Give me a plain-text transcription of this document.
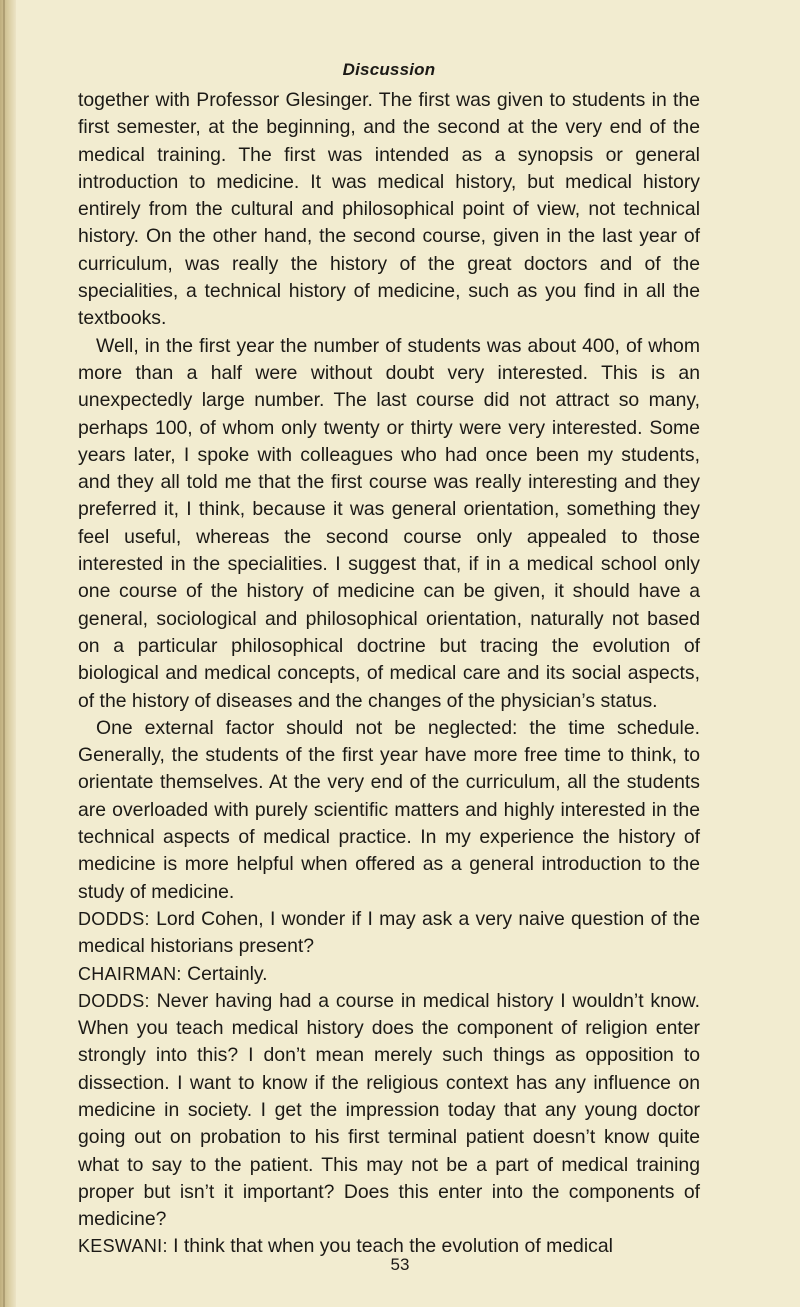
Discussion

together with Professor Glesinger. The first was given to students in the first semester, at the beginning, and the second at the very end of the medical training. The first was intended as a synopsis or general introduction to medicine. It was medical history, but medical history entirely from the cultural and philosophical point of view, not technical history. On the other hand, the second course, given in the last year of curriculum, was really the history of the great doctors and of the specialities, a technical history of medicine, such as you find in all the textbooks.

Well, in the first year the number of students was about 400, of whom more than a half were without doubt very interested. This is an unexpectedly large number. The last course did not attract so many, perhaps 100, of whom only twenty or thirty were very interested. Some years later, I spoke with colleagues who had once been my students, and they all told me that the first course was really interesting and they preferred it, I think, because it was general orientation, something they feel useful, whereas the second course only appealed to those interested in the specialities. I suggest that, if in a medical school only one course of the history of medicine can be given, it should have a general, sociological and philosophical orientation, naturally not based on a particular philosophical doctrine but tracing the evolution of biological and medical concepts, of medical care and its social aspects, of the history of diseases and the changes of the physician’s status.

One external factor should not be neglected: the time schedule. Generally, the students of the first year have more free time to think, to orientate themselves. At the very end of the curriculum, all the students are overloaded with purely scientific matters and highly interested in the technical aspects of medical practice. In my experience the history of medicine is more helpful when offered as a general introduction to the study of medicine.

DODDS: Lord Cohen, I wonder if I may ask a very naive question of the medical historians present?

CHAIRMAN: Certainly.

DODDS: Never having had a course in medical history I wouldn’t know. When you teach medical history does the component of religion enter strongly into this? I don’t mean merely such things as opposition to dissection. I want to know if the religious context has any influence on medicine in society. I get the impression today that any young doctor going out on probation to his first terminal patient doesn’t know quite what to say to the patient. This may not be a part of medical training proper but isn’t it important? Does this enter into the components of medicine?

KESWANI: I think that when you teach the evolution of medical

53
